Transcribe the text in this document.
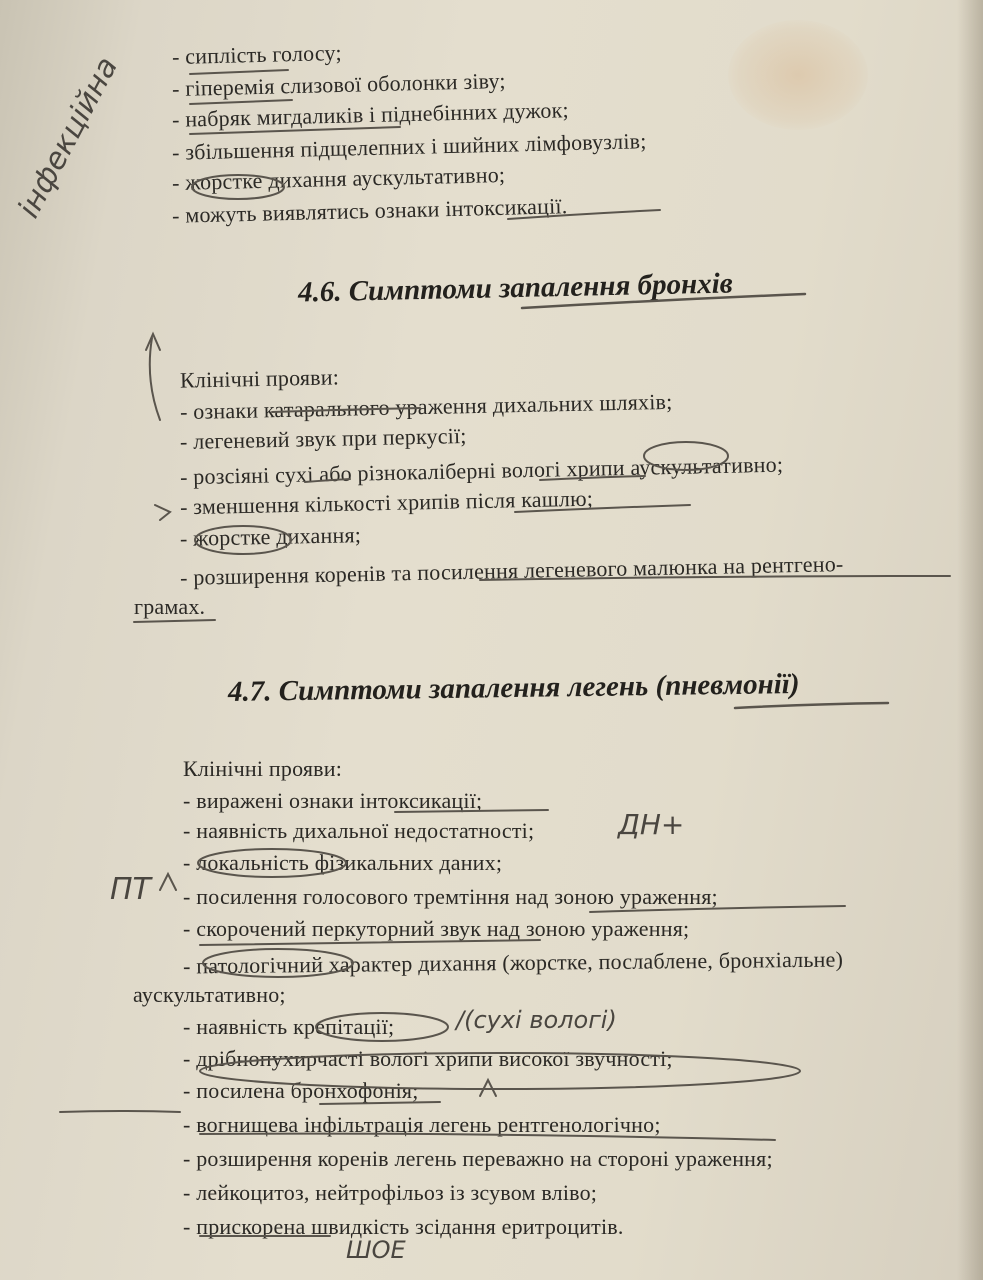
- сиплість голосу;
- гіперемія слизової оболонки зіву;
- набряк мигдаликів і піднебінних дужок;
- збільшення підщелепних і шийних лімфовузлів;
- жорстке дихання аускультативно;
- можуть виявлятись ознаки інтоксикації.
4.6. Симптоми запалення бронхів
Клінічні прояви:
- ознаки катарального ураження дихальних шляхів;
- легеневий звук при перкусії;
- розсіяні сухі або різнокаліберні вологі хрипи аускультативно;
- зменшення кількості хрипів після кашлю;
- жорстке дихання;
- розширення коренів та посилення легеневого малюнка на рентгено-
грамах.
4.7. Симптоми запалення легень (пневмонії)
Клінічні прояви:
- виражені ознаки інтоксикації;
- наявність дихальної недостатності;
- локальність фізикальних даних;
- посилення голосового тремтіння над зоною ураження;
- скорочений перкуторний звук над зоною ураження;
- патологічний характер дихання (жорстке, послаблене, бронхіальне)
аускультативно;
- наявність крепітації;
- дрібнопухирчасті вологі хрипи високої звучності;
- посилена бронхофонія;
- вогнищева інфільтрація легень рентгенологічно;
- розширення коренів легень переважно на стороні ураження;
- лейкоцитоз, нейтрофільоз із зсувом вліво;
- прискорена швидкість зсідання еритроцитів.
інфекційна
ДН+
ПТ
/(сухі вологі)
ШОЕ
